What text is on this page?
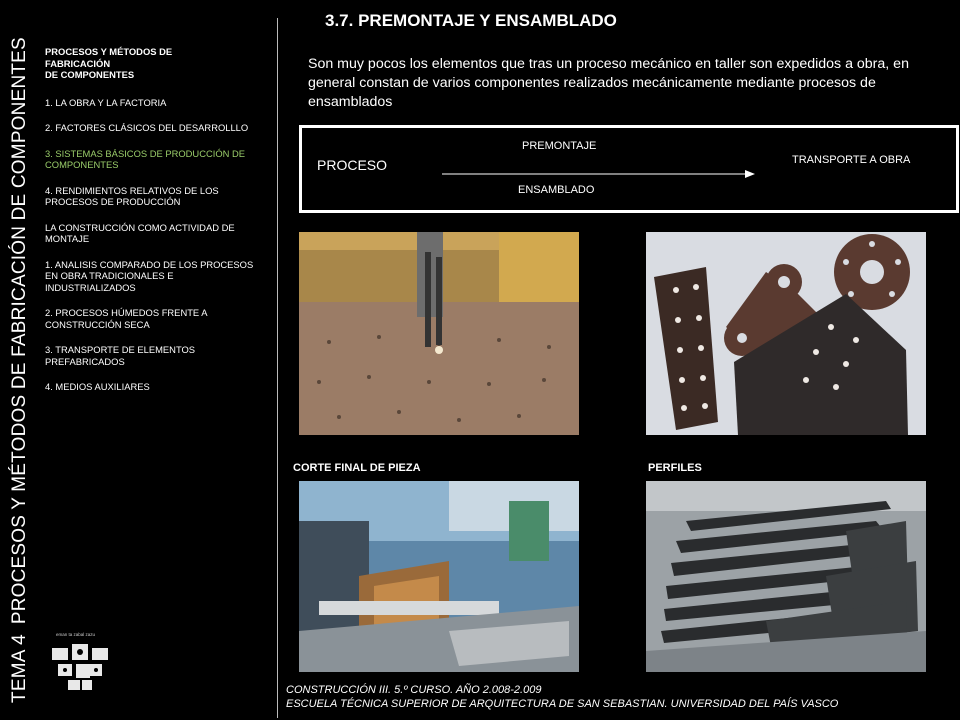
TEMA 4PROCESOS Y MÉTODOS DE FABRICACIÓN DE COMPONENTES PROCESOS Y MÉTODOS DE
FABRICACIÓN
DE COMPONENTES
1. LA OBRA Y LA FACTORIA
2. FACTORES CLÁSICOS DEL DESARROLLLO
3. SISTEMAS BÁSICOS DE PRODUCCIÓN DE COMPONENTES
4. RENDIMIENTOS RELATIVOS DE LOS PROCESOS DE PRODUCCIÓN
LA CONSTRUCCIÓN COMO ACTIVIDAD DE MONTAJE
1. ANALISIS COMPARADO DE LOS PROCESOS EN OBRA TRADICIONALES E INDUSTRIALIZADOS
2. PROCESOS HÚMEDOS FRENTE A CONSTRUCCIÓN SECA
3. TRANSPORTE DE ELEMENTOS PREFABRICADOS
4. MEDIOS AUXILIARES
eman ta zabal zazu
3.7. PREMONTAJE Y ENSAMBLADO
Son muy pocos los elementos que tras un proceso mecánico en taller son expedidos a obra, en general constan de varios componentes realizados mecánicamente mediante procesos de ensamblados
PROCESO
PREMONTAJE
ENSAMBLADO
TRANSPORTE A OBRA
CORTE FINAL DE PIEZA	PERFILES
CONSTRUCCIÓN III. 5.º CURSO. AÑO 2.008-2.009
ESCUELA TÉCNICA SUPERIOR DE ARQUITECTURA DE SAN SEBASTIAN. UNIVERSIDAD DEL PAÍS VASCO
